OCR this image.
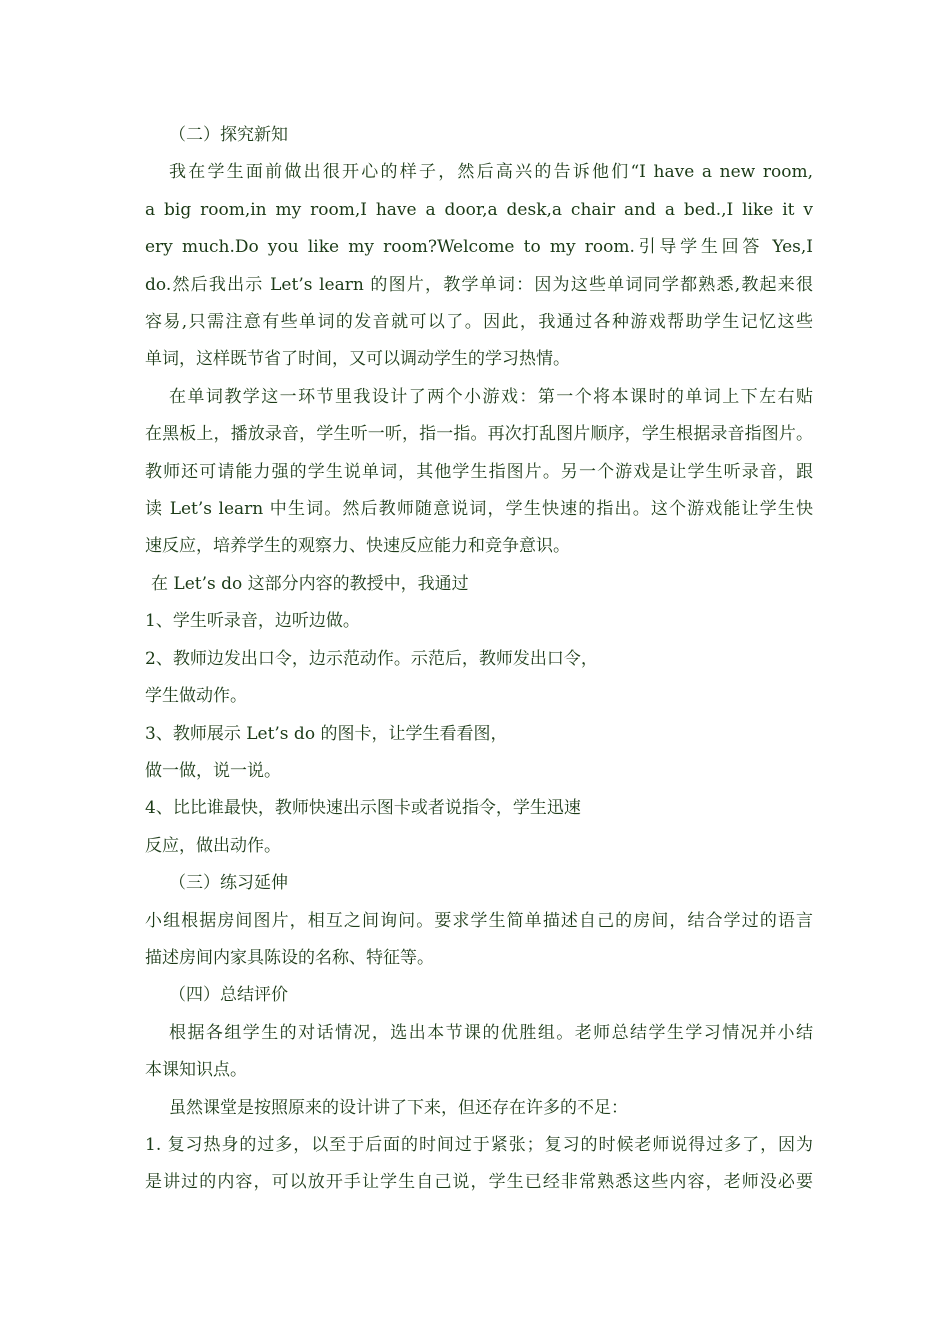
（二）探究新知
我在学生面前做出很开心的样子，然后高兴的告诉他们“I have a new room,
a big room,in my room,I have a door,a desk,a chair and a bed.,I like it v
ery much.Do you like my room?Welcome to my room.引导学生回答 Yes,I
do.然后我出示 Let’s learn 的图片，教学单词：因为这些单词同学都熟悉,教起来很
容易,只需注意有些单词的发音就可以了。因此，我通过各种游戏帮助学生记忆这些
单词，这样既节省了时间，又可以调动学生的学习热情。
在单词教学这一环节里我设计了两个小游戏：第一个将本课时的单词上下左右贴
在黑板上，播放录音，学生听一听，指一指。再次打乱图片顺序，学生根据录音指图片。
教师还可请能力强的学生说单词，其他学生指图片。另一个游戏是让学生听录音，跟
读 Let’s learn 中生词。然后教师随意说词，学生快速的指出。这个游戏能让学生快
速反应，培养学生的观察力、快速反应能力和竞争意识。
在 Let’s do 这部分内容的教授中，我通过
1、学生听录音，边听边做。
2、教师边发出口令，边示范动作。示范后，教师发出口令，
学生做动作。
3、教师展示 Let’s do 的图卡，让学生看看图，
做一做，说一说。
4、比比谁最快，教师快速出示图卡或者说指令，学生迅速
反应，做出动作。
（三）练习延伸
小组根据房间图片，相互之间询问。要求学生简单描述自己的房间，结合学过的语言
描述房间内家具陈设的名称、特征等。
（四）总结评价
根据各组学生的对话情况，选出本节课的优胜组。老师总结学生学习情况并小结
本课知识点。
虽然课堂是按照原来的设计讲了下来，但还存在许多的不足：
1. 复习热身的过多，以至于后面的时间过于紧张；复习的时候老师说得过多了，因为
是讲过的内容，可以放开手让学生自己说，学生已经非常熟悉这些内容，老师没必要
